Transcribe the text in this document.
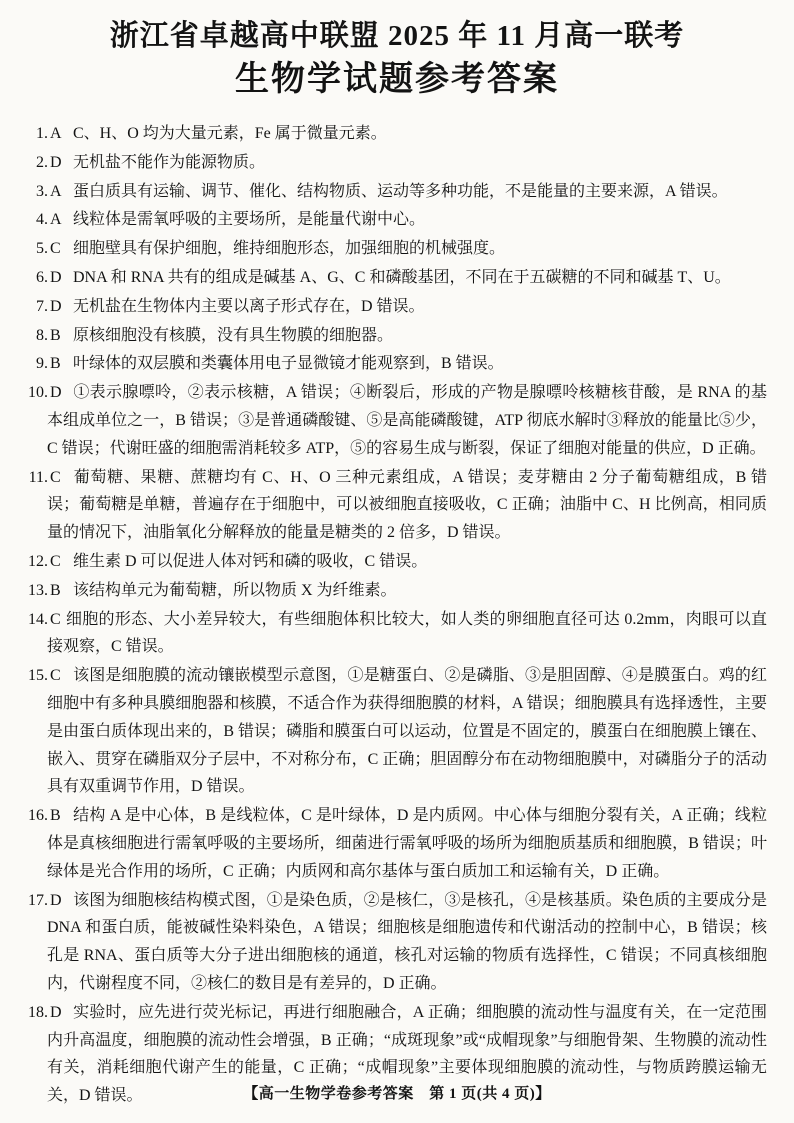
浙江省卓越高中联盟 2025 年 11 月高一联考
生物学试题参考答案

1. A C、H、O 均为大量元素，Fe 属于微量元素。

2. D 无机盐不能作为能源物质。

3. A 蛋白质具有运输、调节、催化、结构物质、运动等多种功能，不是能量的主要来源，A 错误。

4. A 线粒体是需氧呼吸的主要场所，是能量代谢中心。

5. C 细胞壁具有保护细胞，维持细胞形态，加强细胞的机械强度。

6. D DNA 和 RNA 共有的组成是碱基 A、G、C 和磷酸基团，不同在于五碳糖的不同和碱基 T、U。

7. D 无机盐在生物体内主要以离子形式存在，D 错误。

8. B 原核细胞没有核膜，没有具生物膜的细胞器。

9. B 叶绿体的双层膜和类囊体用电子显微镜才能观察到，B 错误。

10. D ①表示腺嘌呤，②表示核糖，A 错误；④断裂后，形成的产物是腺嘌呤核糖核苷酸，是 RNA 的基本组成单位之一，B 错误；③是普通磷酸键、⑤是高能磷酸键，ATP 彻底水解时③释放的能量比⑤少，C 错误；代谢旺盛的细胞需消耗较多 ATP，⑤的容易生成与断裂，保证了细胞对能量的供应，D 正确。

11. C 葡萄糖、果糖、蔗糖均有 C、H、O 三种元素组成，A 错误；麦芽糖由 2 分子葡萄糖组成，B 错误；葡萄糖是单糖，普遍存在于细胞中，可以被细胞直接吸收，C 正确；油脂中 C、H 比例高，相同质量的情况下，油脂氧化分解释放的能量是糖类的 2 倍多，D 错误。

12. C 维生素 D 可以促进人体对钙和磷的吸收，C 错误。

13. B 该结构单元为葡萄糖，所以物质 X 为纤维素。

14. C 细胞的形态、大小差异较大，有些细胞体积比较大，如人类的卵细胞直径可达 0.2mm，肉眼可以直接观察，C 错误。

15. C 该图是细胞膜的流动镶嵌模型示意图，①是糖蛋白、②是磷脂、③是胆固醇、④是膜蛋白。鸡的红细胞中有多种具膜细胞器和核膜，不适合作为获得细胞膜的材料，A 错误；细胞膜具有选择透性，主要是由蛋白质体现出来的，B 错误；磷脂和膜蛋白可以运动，位置是不固定的，膜蛋白在细胞膜上镶在、嵌入、贯穿在磷脂双分子层中，不对称分布，C 正确；胆固醇分布在动物细胞膜中，对磷脂分子的活动具有双重调节作用，D 错误。

16. B 结构 A 是中心体，B 是线粒体，C 是叶绿体，D 是内质网。中心体与细胞分裂有关，A 正确；线粒体是真核细胞进行需氧呼吸的主要场所，细菌进行需氧呼吸的场所为细胞质基质和细胞膜，B 错误；叶绿体是光合作用的场所，C 正确；内质网和高尔基体与蛋白质加工和运输有关，D 正确。

17. D 该图为细胞核结构模式图，①是染色质，②是核仁，③是核孔，④是核基质。染色质的主要成分是 DNA 和蛋白质，能被碱性染料染色，A 错误；细胞核是细胞遗传和代谢活动的控制中心，B 错误；核孔是 RNA、蛋白质等大分子进出细胞核的通道，核孔对运输的物质有选择性，C 错误；不同真核细胞内，代谢程度不同，②核仁的数目是有差异的，D 正确。

18. D 实验时，应先进行荧光标记，再进行细胞融合，A 正确；细胞膜的流动性与温度有关，在一定范围内升高温度，细胞膜的流动性会增强，B 正确；“成斑现象”或“成帽现象”与细胞骨架、生物膜的流动性有关，消耗细胞代谢产生的能量，C 正确；“成帽现象”主要体现细胞膜的流动性，与物质跨膜运输无关，D 错误。	【高一生物学卷参考答案　第 1 页(共 4 页)】
